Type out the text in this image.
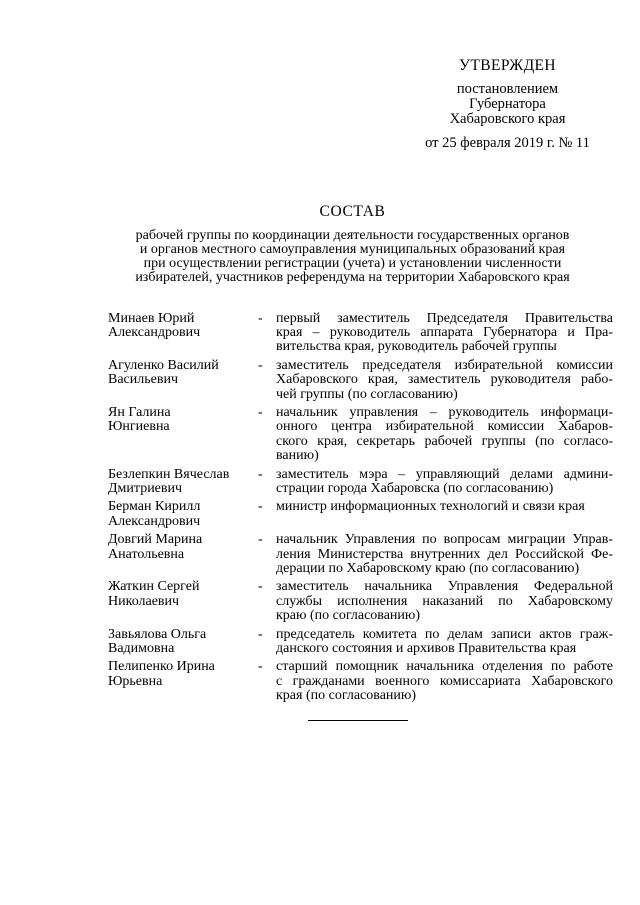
УТВЕРЖДЕН
постановлением
Губернатора
Хабаровского края
от 25 февраля 2019 г. № 11
СОСТАВ
рабочей группы по координации деятельности государственных органов
и органов местного самоуправления муниципальных образований края
при осуществлении регистрации (учета) и установлении численности
избирателей, участников референдума на территории Хабаровского края
Минаев Юрий
Александрович
- первый заместитель Председателя Правительства
края – руководитель аппарата Губернатора и Пра-
вительства края, руководитель рабочей группы
Агуленко Василий
Васильевич
- заместитель председателя избирательной комиссии
Хабаровского края, заместитель руководителя рабо-
чей группы (по согласованию)
Ян Галина
Юнгиевна
- начальник управления – руководитель информаци-
онного центра избирательной комиссии Хабаров-
ского края, секретарь рабочей группы (по согласо-
ванию)
Безлепкин Вячеслав
Дмитриевич
- заместитель мэра – управляющий делами админи-
страции города Хабаровска (по согласованию)
Берман Кирилл
Александрович
- министр информационных технологий и связи края
Довгий Марина
Анатольевна
- начальник Управления по вопросам миграции Управ-
ления Министерства внутренних дел Российской Фе-
дерации по Хабаровскому краю (по согласованию)
Жаткин Сергей
Николаевич
- заместитель начальника Управления Федеральной
службы исполнения наказаний по Хабаровскому
краю (по согласованию)
Завьялова Ольга
Вадимовна
- председатель комитета по делам записи актов граж-
данского состояния и архивов Правительства края
Пелипенко Ирина
Юрьевна
- старший помощник начальника отделения по работе
с гражданами военного комиссариата Хабаровского
края (по согласованию)
